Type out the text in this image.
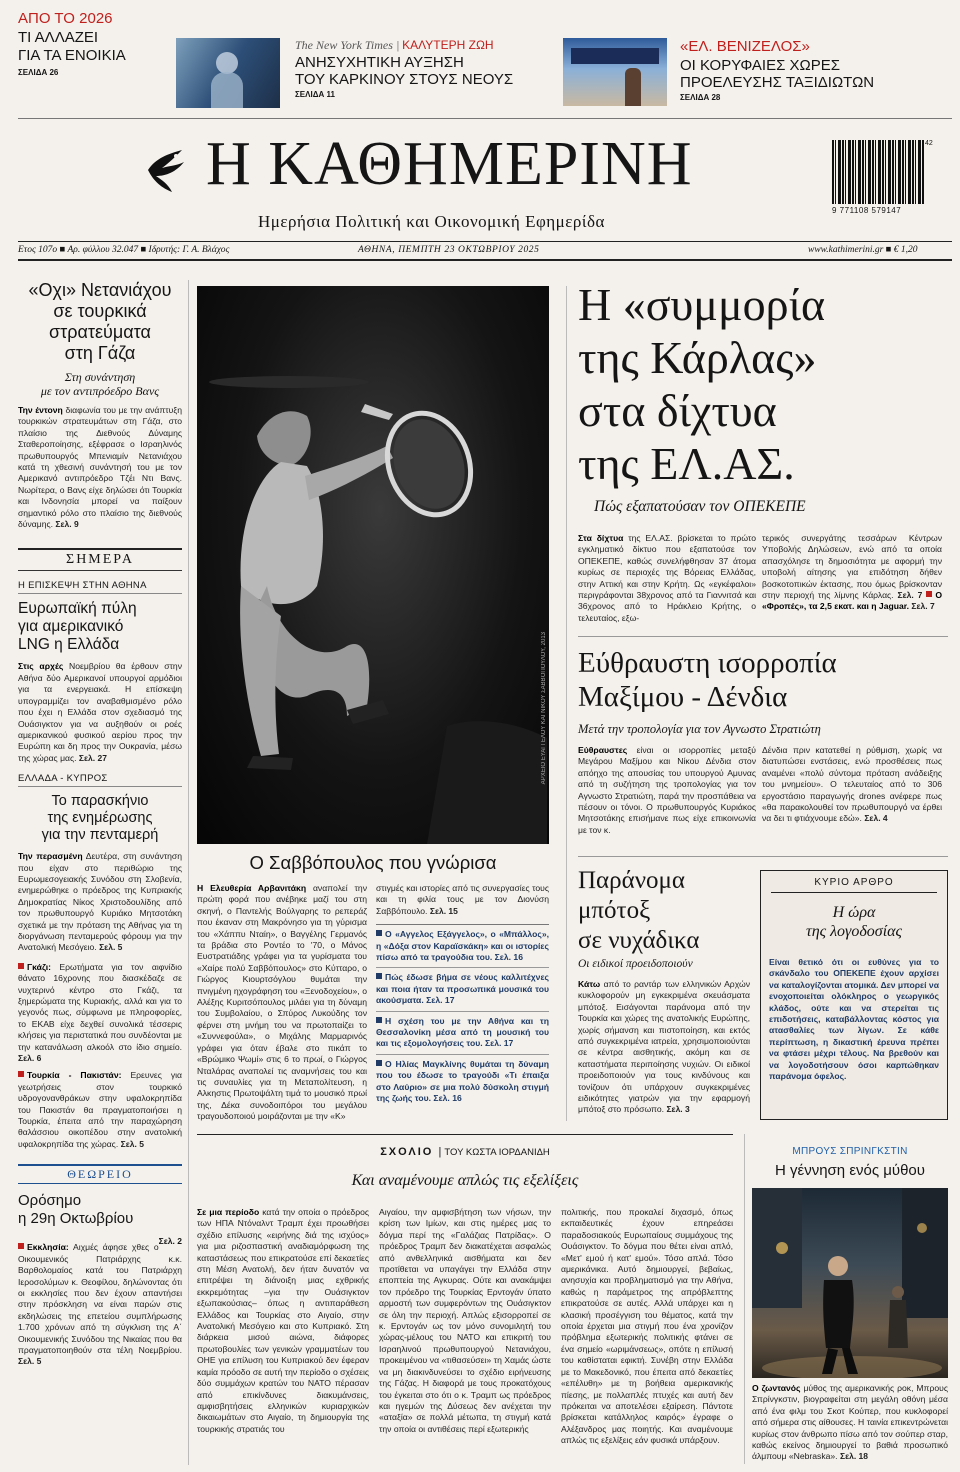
ΑΠΟ ΤΟ 2026
ΤΙ ΑΛΛΑΖΕΙ
ΓΙΑ ΤΑ ΕΝΟΙΚΙΑ
ΣΕΛΙΔΑ 26
The New York Times | ΚΑΛΥΤΕΡΗ ΖΩΗ
ΑΝΗΣΥΧΗΤΙΚΗ ΑΥΞΗΣΗ
ΤΟΥ ΚΑΡΚΙΝΟΥ ΣΤΟΥΣ ΝΕΟΥΣ
ΣΕΛΙΔΑ 11
«ΕΛ. ΒΕΝΙΖΕΛΟΣ»
ΟΙ ΚΟΡΥΦΑΙΕΣ ΧΩΡΕΣ
ΠΡΟΕΛΕΥΣΗΣ ΤΑΞΙΔΙΩΤΩΝ
ΣΕΛΙΔΑ 28
Η ΚΑΘΗΜΕΡΙΝΗ
Ημερήσια Πολιτική και Οικονομική Εφημερίδα
42
9 771108 579147
Ετος 107ο ■ Αρ. φύλλου 32.047 ■ Ιδρυτής: Γ. Α. Βλάχος	ΑΘΗΝΑ, ΠΕΜΠΤΗ 23 ΟΚΤΩΒΡΙΟΥ 2025	www.kathimerini.gr ■ € 1,20
«Οχι» Νετανιάχου
σε τουρκικά
στρατεύματα
στη Γάζα
Στη συνάντηση
με τον αντιπρόεδρο Βανς
Την έντονη διαφωνία του με την ανάπτυξη τουρκικών στρατευμάτων στη Γάζα, στο πλαίσιο της Διεθνούς Δύναμης Σταθεροποίησης, εξέφρασε ο Ισραηλινός πρωθυπουργός Μπενιαμίν Νετανιάχου κατά τη χθεσινή συνάντησή του με τον Αμερικανό αντιπρόεδρο Τζέι Ντι Βανς. Νωρίτερα, ο Βανς είχε δηλώσει ότι Τουρκία και Ινδονησία μπορεί να παίξουν σημαντικό ρόλο στο πλαίσιο της διεθνούς δύναμης. Σελ. 9
ΣΗΜΕΡΑ
Η ΕΠΙΣΚΕΨΗ ΣΤΗΝ ΑΘΗΝΑ
Ευρωπαϊκή πύλη
για αμερικανικό
LNG η Ελλάδα
Στις αρχές Νοεμβρίου θα έρθουν στην Αθήνα δύο Αμερικανοί υπουργοί αρμόδιοι για τα ενεργειακά. Η επίσκεψη υπογραμμίζει τον αναβαθμισμένο ρόλο που έχει η Ελλάδα στον σχεδιασμό της Ουάσιγκτον για να αυξηθούν οι ροές αμερικανικού φυσικού αερίου προς την Ευρώπη και δη προς την Ουκρανία, μέσω της χώρας μας. Σελ. 27
ΕΛΛΑΔΑ - ΚΥΠΡΟΣ
Το παρασκήνιο
της ενημέρωσης
για την πενταμερή
Την περασμένη Δευτέρα, στη συνάντηση που είχαν στο περιθώριο της Ευρωμεσογειακής Συνόδου στη Σλοβενία, ενημερώθηκε ο πρόεδρος της Κυπριακής Δημοκρατίας Νίκος Χριστοδουλίδης από τον πρωθυπουργό Κυριάκο Μητσοτάκη σχετικά με την πρόταση της Αθήνας για τη διοργάνωση πενταμερούς φόρουμ για την Ανατολική Μεσόγειο. Σελ. 5
Γκάζι: Ερωτήματα για τον αιφνίδιο θάνατο 16χρονης που διασκέδαζε σε νυχτερινό κέντρο στο Γκάζι, τα ξημερώματα της Κυριακής, αλλά και για το γεγονός πως, σύμφωνα με πληροφορίες, το ΕΚΑΒ είχε δεχθεί συνολικά τέσσερις κλήσεις για περιστατικά που συνδέονται με την κατανάλωση αλκοόλ στο ίδιο σημείο. Σελ. 6
Τουρκία - Πακιστάν: Ερευνες για γεωτρήσεις στον τουρκικό υδρογονανθράκων στην υφαλοκρηπίδα του Πακιστάν θα πραγματοποιήσει η Τουρκία, έπειτα από την παραχώρηση θαλάσσιου οικοπέδου στην ανατολική υφαλοκρηπίδα της χώρας. Σελ. 5
ΘΕΩΡΕΙΟ
Ορόσημο
η 29η Οκτωβρίου
Σελ. 2
Εκκλησία: Αιχμές άφησε χθες ο Οικουμενικός Πατριάρχης κ.κ. Βαρθολομαίος κατά του Πατριάρχη Ιεροσολύμων κ. Θεοφίλου, δηλώνοντας ότι οι εκκλησίες που δεν έχουν απαντήσει στην πρόσκληση να είναι παρών στις εκδηλώσεις της επετείου συμπλήρωσης 1.700 χρόνων από τη σύγκλιση της Α΄ Οικουμενικής Συνόδου της Νικαίας που θα πραγματοποιηθούν στα τέλη Νοεμβρίου. Σελ. 5
ΑΡΧΕΙΟ ΕΥΑΓΓΕΛΟΥ ΚΑΙ ΝΙΚΟΥ ΣΑΒΒΟΠΟΥΛΟΥ, 2013
Ο Σαββόπουλος που γνώρισα
Η Ελευθερία Αρβανιτάκη αναπολεί την πρώτη φορά που ανέβηκε μαζί του στη σκηνή, ο Παντελής Βούλγαρης το ρεπεράζ που έκαναν στη Μακρόνησο για τη γύρισμα του «Χάππυ Νταίη», ο Βαγγέλης Γερμανός τα βράδια στο Ροντέο το '70, ο Μάνος Ευστρατιάδης γράφει για τα γυρίσματα του «Χαίρε πολύ Σαββόπουλος» στο Κύτταρο, ο Γιώργος Κιουρτσόγλου θυμάται την πνιγμένη ηχογράφηση του «Ξενοδοχείου», ο Αλέξης Κυριτσόπουλος μιλάει για τη δύναμη του Συμβολαίου, ο Σπύρος Λυκούδης τον φέρνει στη μνήμη του να πρωτοπαίζει το «Συννεφούλα», ο Μιχάλης Μαρμαρινός γράφει για όταν έβαλε στο πικάπ το «Βρώμικο Ψωμί» στις 6 το πρωί, ο Γιώργος Νταλάρας αναπολεί τις αναμνήσεις του και τις συναυλίες για τη Μεταπολίτευση, η Αλκηστις Πρωτοψάλτη τιμά το μουσικό πρωί της, Δέκα συνοδοιπόροι του μεγάλου τραγουδοποιού μοιράζονται με την «Κ»
στιγμές και ιστορίες από τις συνεργασίες τους και τη φιλία τους με τον Διονύση Σαββόπουλο. Σελ. 15
Ο «Αγγελος Εξάγγελος», ο «Μπάλλος», η «Δόξα στον Καραϊσκάκη» και οι ιστορίες πίσω από τα τραγούδια του. Σελ. 16
Πώς έδωσε βήμα σε νέους καλλιτέχνες και ποια ήταν τα προσωπικά μουσικά του ακούσματα. Σελ. 17
Η σχέση του με την Αθήνα και τη Θεσσαλονίκη μέσα από τη μουσική του και τις εξομολογήσεις του. Σελ. 17
Ο Ηλίας Μαγκλίνης θυμάται τη δύναμη που του έδωσε το τραγούδι «Τι έπαιξα στο Λαύριο» σε μια πολύ δύσκολη στιγμή της ζωής του. Σελ. 16
Η «συμμορία
της Κάρλας»
στα δίχτυα
της ΕΛ.ΑΣ.
Πώς εξαπατούσαν τον ΟΠΕΚΕΠΕ
Στα δίχτυα της ΕΛ.ΑΣ. βρίσκεται το πρώτο εγκληματικό δίκτυο που εξαπατούσε τον ΟΠΕΚΕΠΕ, καθώς συνελήφθησαν 37 άτομα κυρίως σε περιοχές της Βόρειας Ελλάδας, στην Αττική και στην Κρήτη. Ως «εγκέφαλοι» περιγράφονται 38χρονος από τα Γιαννιτσά και 36χρονος από το Ηράκλειο Κρήτης, ο τελευταίος, εξω-
τερικός συνεργάτης τεσσάρων Κέντρων Υποβολής Δηλώσεων, ενώ από τα οποία απασχόλησε τη δημοσιότητα με αφορμή την υποβολή αίτησης για επιδότηση δήθεν βοσκοτοπικών έκτασης, που όμως βρίσκονταν στην περιοχή της λίμνης Κάρλας. Σελ. 7 Ο «Φροπές», τα 2,5 εκατ. και η Jaguar. Σελ. 7
Εύθραυστη ισορροπία
Μαξίμου - Δένδια
Μετά την τροπολογία για τον Αγνωστο Στρατιώτη
Εύθραυστες είναι οι ισορροπίες μεταξύ Μεγάρου Μαξίμου και Νίκου Δένδια στον απόηχο της απουσίας του υπουργού Αμυνας από τη συζήτηση της τροπολογίας για τον Αγνωστο Στρατιώτη, παρά την προσπάθεια να πέσουν οι τόνοι. Ο πρωθυπουργός Κυριάκος Μητσοτάκης επισήμανε πως είχε επικοινωνία με τον κ.
Δένδια πριν κατατεθεί η ρύθμιση, χωρίς να διατυπώσει ενστάσεις, ενώ προσθέσεις πως αναμένει «πολύ σύντομα πρόταση ανάδειξης του μνημείου». Ο τελευταίος από το 306 εργοστάσιο παραγωγής drones ανέφερε πως «θα παρακολουθεί τον πρωθυπουργό να έρθει να δει τι φτιάχνουμε εδώ». Σελ. 4
Παράνομα
μπότοξ
σε νυχάδικα
Οι ειδικοί προειδοποιούν
Κάτω από το ραντάρ των ελληνικών Αρχών κυκλοφορούν μη εγκεκριμένα σκευάσματα μπότοξ. Εισάγονται παράνομα από την Τουρκία και χώρες της ανατολικής Ευρώπης, χωρίς σήμανση και πιστοποίηση, και εκτός από συγκεκριμένα ιατρεία, χρησιμοποιούνται σε κέντρα αισθητικής, ακόμη και σε καταστήματα περιποίησης νυχιών. Οι ειδικοί προειδοποιούν για τους κινδύνους και τονίζουν ότι υπάρχουν συγκεκριμένες ειδικότητες γιατρών για την εφαρμογή μπότοξ στο πρόσωπο. Σελ. 3
ΚΥΡΙΟ ΑΡΘΡΟ
Η ώρα
της λογοδοσίας
Είναι θετικό ότι οι ευθύνες για το σκάνδαλο του ΟΠΕΚΕΠΕ έχουν αρχίσει να καταλογίζονται ατομικά. Δεν μπορεί να ενοχοποιείται ολόκληρος ο γεωργικός κλάδος, ούτε και να στερείται τις επιδοτήσεις, καταβάλλοντας κόστος για ατασθαλίες των λίγων. Σε κάθε περίπτωση, η δικαστική έρευνα πρέπει να φτάσει μέχρι τέλους. Να βρεθούν και να λογοδοτήσουν όσοι καρπώθηκαν παράνομα όφελος.
ΣΧΟΛΙΟ | ΤΟΥ ΚΩΣΤΑ ΙΟΡΔΑΝΙΔΗ
Και αναμένουμε απλώς τις εξελίξεις
Σε μια περίοδο κατά την οποία ο πρόεδρος των ΗΠΑ Ντόναλντ Τραμπ έχει προωθήσει σχέδιο επίλυσης «ειρήνης διά της ισχύος» για μια ριζοσπαστική αναδιαμόρφωση της καταστάσεως που επικρατούσε επί δεκαετίες στη Μέση Ανατολή, δεν ήταν δυνατόν να επιτρέψει τη διάνοιξη μιας εχθρικής εκκρεμότητας –για την Ουάσιγκτον εξωπακούσιας– όπως η αντιπαράθεση Ελλάδος και Τουρκίας στο Αιγαίο, στην Ανατολική Μεσόγειο και στο Κυπριακό. Στη διάρκεια μισού αιώνα, διάφορες πρωτοβουλίες των γενικών γραμματέων του ΟΗΕ για επίλυση του Κυπριακού δεν έφεραν καμία πρόοδο σε αυτή την περίοδο ο σχέσεις δύο συμμάχων κρατών του ΝΑΤΟ πέρασαν από επικίνδυνες διακυμάνσεις, αμφισβητήσεις ελληνικών κυριαρχικών δικαιωμάτων στο Αιγαίο, τη δημιουργία της τουρκικής στρατιάς του
Αιγαίου, την αμφισβήτηση των νήσων, την κρίση των Ιμίων, και στις ημέρες μας το δόγμα περί της «Γαλάζιας Πατρίδας». Ο πρόεδρος Τραμπ δεν διακατέχεται ασφαλώς από ανθελληνικά αισθήματα και δεν προτίθεται να υπαγάγει την Ελλάδα στην εποπτεία της Αγκυρας. Ούτε και ανακάμψει τον πρόεδρο της Τουρκίας Ερντογάν ύπατο αρμοστή των συμφερόντων της Ουάσιγκτον σε όλη την περιοχή. Απλώς εξισορροπεί σε κ. Ερντογάν ως τον μόνο συνομιλητή του χώρας-μέλους του ΝΑΤΟ και επικριτή του Ισραηλινού πρωθυπουργού Νετανιάχου, προκειμένου να «τιθασεύσει» τη Χαμάς ώστε να μη διακινδυνεύσει το σχέδιο ειρήνευσης της Γάζας. Η διαφορά με τους προκατόχους του έγκειται στο ότι ο κ. Τραμπ ως πρόεδρος και ηγεμών της Δύσεως δεν ανέχεται την «αταξία» σε πολλά μέτωπα, τη στιγμή κατά την οποία οι αντιθέσεις περί εξωτερικής
πολιτικής, που προκαλεί διχασμό, όπως εκπαιδευτικές έχουν επηρεάσει παραδοσιακούς Ευρωπαίους συμμάχους της Ουάσιγκτον. Το δόγμα που θέτει είναι απλό, «Μετ' εμού ή κατ' εμού». Τόσο απλά. Τόσο αμερικάνικα. Αυτό δημιουργεί, βεβαίως, ανησυχία και προβληματισμό για την Αθήνα, καθώς η παράμετρος της απρόβλεπτης επικρατούσε σε αυτές. Αλλά υπάρχει και η κλασική προσέγγιση του θέματος, κατά την οποία έρχεται μια στιγμή που ένα χρονίζον πρόβλημα εξωτερικής πολιτικής φτάνει σε ένα σημείο «ωριμάνσεως», οπότε η επίλυσή του καθίσταται εφικτή. Συνέβη στην Ελλάδα με το Μακεδονικό, που έπειτα από δεκαετίες «επέλυθη» με τη βοήθεια αμερικανικής πίεσης, με πολλαπλές πτυχές και αυτή δεν πρόκειται να αποτελέσει εξαίρεση. Πάντοτε βρίσκεται κατάλληλος καιρός» έγραφε ο Αλέξανδρος μας ποιητής. Και αναμένουμε απλώς τις εξελίξεις εάν φυσικά υπάρξουν.
ΜΠΡΟΥΣ ΣΠΡΙΝΓΚΣΤΙΝ
Η γέννηση ενός μύθου
Ο ζωντανός μύθος της αμερικανικής ροκ, Μπρους Σπρίνγκστιν, βιογραφείται στη μεγάλη οθόνη μέσα από ένα φιλμ του Σκοτ Κούπερ, που κυκλοφορεί από σήμερα στις αίθουσες. Η ταινία επικεντρώνεται κυρίως στον άνθρωπο πίσω από τον σούπερ σταρ, καθώς εκείνος δημιουργεί το βαθιά προσωπικό άλμπουμ «Nebraska». Σελ. 18
